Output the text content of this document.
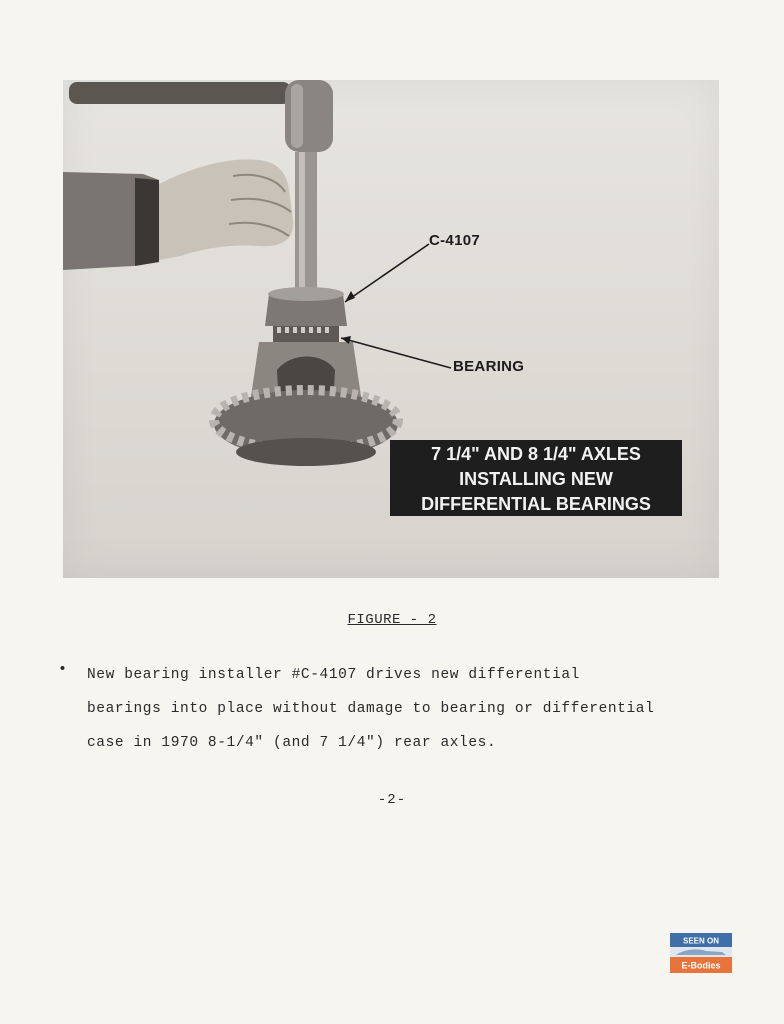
C-4107
BEARING
7 1/4" AND 8 1/4" AXLES
INSTALLING NEW
DIFFERENTIAL BEARINGS
FIGURE - 2
• New bearing installer #C-4107 drives new differential
bearings into place without damage to bearing or differential
case in 1970 8-1/4" (and 7 1/4") rear axles.
-2-
SEEN ON
E-Bodies
